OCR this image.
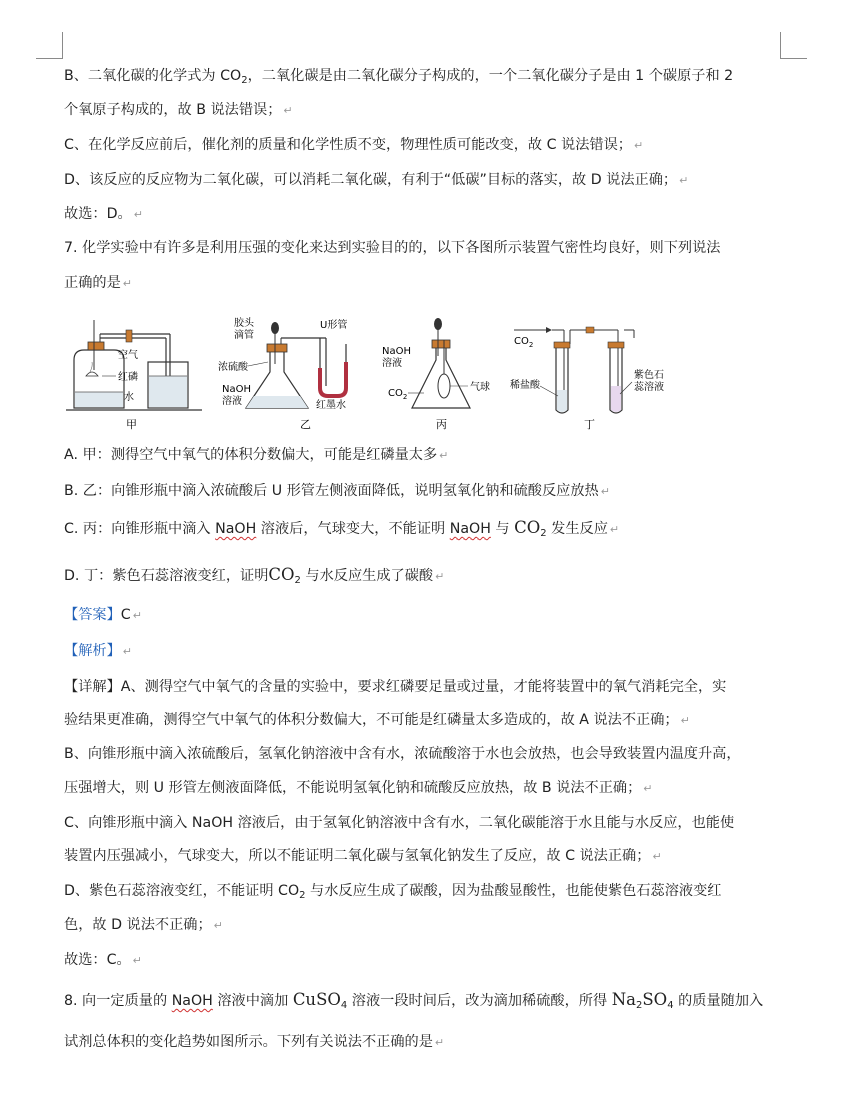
B、二氧化碳的化学式为 $CO_2$，二氧化碳是由二氧化碳分子构成的，一个二氧化碳分子是由 1 个碳原子和 2
个氧原子构成的，故 B 说法错误； ↵
C、在化学反应前后，催化剂的质量和化学性质不变，物理性质可能改变，故 C 说法错误； ↵
D、该反应的反应物为二氧化碳，可以消耗二氧化碳，有利于“低碳”目标的落实，故 D 说法正确； ↵
故选：D。 ↵
7. 化学实验中有许多是利用压强的变化来达到实验目的的，以下各图所示装置气密性均良好，则下列说法
正确的是 ↵
空气
红磷
水
甲
胶头
滴管
U形管
浓硫酸
NaOH
溶液	红墨水
乙
NaOH
溶液
$CO_2$
气球
丙
$CO_2$
稀盐酸
紫色石
蕊溶液
丁
A. 甲：测得空气中氧气的体积分数偏大，可能是红磷量太多 ↵
B. 乙：向锥形瓶中滴入浓硫酸后 U 形管左侧液面降低，说明氢氧化钠和硫酸反应放热 ↵
C. 丙：向锥形瓶中滴入 NaOH 溶液后，气球变大，不能证明 NaOH 与 $CO_2$ 发生反应 ↵
D. 丁：紫色石蕊溶液变红，证明$CO_2$ 与水反应生成了碳酸 ↵
【答案】C ↵
【解析】 ↵
【详解】A、测得空气中氧气的含量的实验中，要求红磷要足量或过量，才能将装置中的氧气消耗完全，实
验结果更准确，测得空气中氧气的体积分数偏大，不可能是红磷量太多造成的，故 A 说法不正确； ↵
B、向锥形瓶中滴入浓硫酸后，氢氧化钠溶液中含有水，浓硫酸溶于水也会放热，也会导致装置内温度升高，
压强增大，则 U 形管左侧液面降低，不能说明氢氧化钠和硫酸反应放热，故 B 说法不正确； ↵
C、向锥形瓶中滴入 NaOH 溶液后，由于氢氧化钠溶液中含有水，二氧化碳能溶于水且能与水反应，也能使
装置内压强减小，气球变大，所以不能证明二氧化碳与氢氧化钠发生了反应，故 C 说法正确； ↵
D、紫色石蕊溶液变红，不能证明 $CO_2$ 与水反应生成了碳酸，因为盐酸显酸性，也能使紫色石蕊溶液变红
色，故 D 说法不正确； ↵
故选：C。 ↵
8. 向一定质量的 NaOH 溶液中滴加 CuSO$_4$ 溶液一段时间后，改为滴加稀硫酸，所得 $Na_2SO_4$ 的质量随加入
试剂总体积的变化趋势如图所示。下列有关说法不正确的是 ↵
